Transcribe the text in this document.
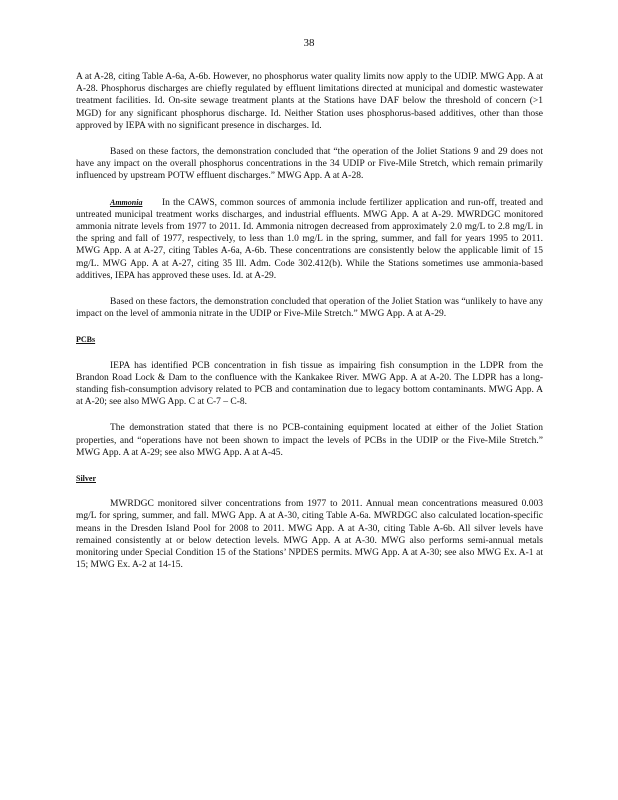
38

A at A-28, citing Table A-6a, A-6b. However, no phosphorus water quality limits now apply to the UDIP. MWG App. A at A-28. Phosphorus discharges are chiefly regulated by effluent limitations directed at municipal and domestic wastewater treatment facilities. Id. On-site sewage treatment plants at the Stations have DAF below the threshold of concern (>1 MGD) for any significant phosphorus discharge. Id. Neither Station uses phosphorus-based additives, other than those approved by IEPA with no significant presence in discharges. Id.

Based on these factors, the demonstration concluded that “the operation of the Joliet Stations 9 and 29 does not have any impact on the overall phosphorus concentrations in the 34 UDIP or Five-Mile Stretch, which remain primarily influenced by upstream POTW effluent discharges.” MWG App. A at A-28.

Ammonia In the CAWS, common sources of ammonia include fertilizer application and run-off, treated and untreated municipal treatment works discharges, and industrial effluents. MWG App. A at A-29. MWRDGC monitored ammonia nitrate levels from 1977 to 2011. Id. Ammonia nitrogen decreased from approximately 2.0 mg/L to 2.8 mg/L in the spring and fall of 1977, respectively, to less than 1.0 mg/L in the spring, summer, and fall for years 1995 to 2011. MWG App. A at A-27, citing Tables A-6a, A-6b. These concentrations are consistently below the applicable limit of 15 mg/L. MWG App. A at A-27, citing 35 Ill. Adm. Code 302.412(b). While the Stations sometimes use ammonia-based additives, IEPA has approved these uses. Id. at A-29.

Based on these factors, the demonstration concluded that operation of the Joliet Station was “unlikely to have any impact on the level of ammonia nitrate in the UDIP or Five-Mile Stretch.” MWG App. A at A-29.

PCBs

IEPA has identified PCB concentration in fish tissue as impairing fish consumption in the LDPR from the Brandon Road Lock & Dam to the confluence with the Kankakee River. MWG App. A at A-20. The LDPR has a long-standing fish-consumption advisory related to PCB and contamination due to legacy bottom contaminants. MWG App. A at A-20; see also MWG App. C at C-7 – C-8.

The demonstration stated that there is no PCB-containing equipment located at either of the Joliet Station properties, and “operations have not been shown to impact the levels of PCBs in the UDIP or the Five-Mile Stretch.” MWG App. A at A-29; see also MWG App. A at A-45.

Silver

MWRDGC monitored silver concentrations from 1977 to 2011. Annual mean concentrations measured 0.003 mg/L for spring, summer, and fall. MWG App. A at A-30, citing Table A-6a. MWRDGC also calculated location-specific means in the Dresden Island Pool for 2008 to 2011. MWG App. A at A-30, citing Table A-6b. All silver levels have remained consistently at or below detection levels. MWG App. A at A-30. MWG also performs semi-annual metals monitoring under Special Condition 15 of the Stations’ NPDES permits. MWG App. A at A-30; see also MWG Ex. A-1 at 15; MWG Ex. A-2 at 14-15.
